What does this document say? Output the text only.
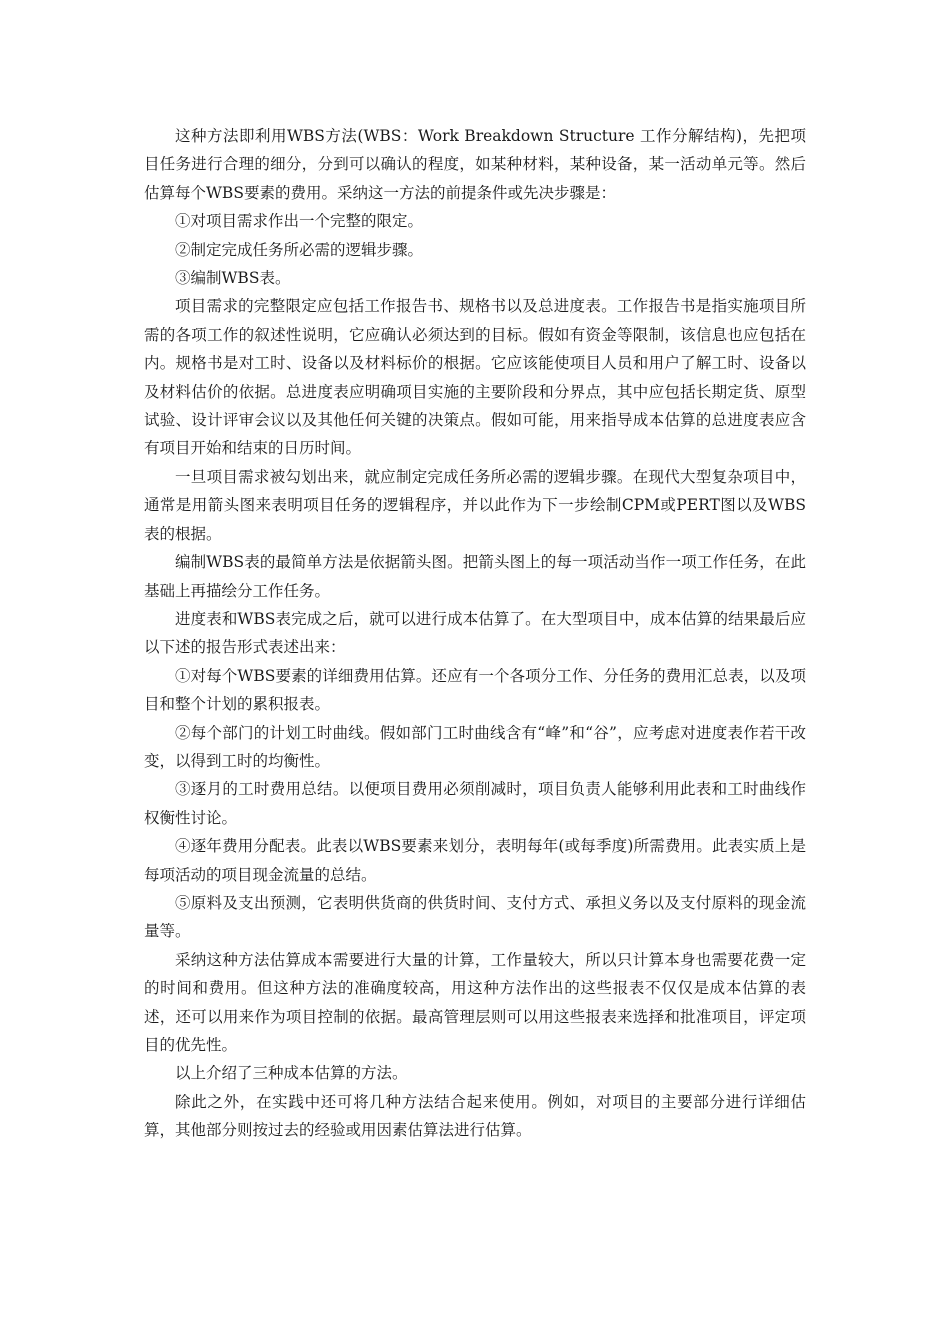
这种方法即利用WBS方法(WBS：Work Breakdown Structure 工作分解结构)，先把项目任务进行合理的细分，分到可以确认的程度，如某种材料，某种设备，某一活动单元等。然后估算每个WBS要素的费用。采纳这一方法的前提条件或先决步骤是：

①对项目需求作出一个完整的限定。

②制定完成任务所必需的逻辑步骤。

③编制WBS表。

项目需求的完整限定应包括工作报告书、规格书以及总进度表。工作报告书是指实施项目所需的各项工作的叙述性说明，它应确认必须达到的目标。假如有资金等限制，该信息也应包括在内。规格书是对工时、设备以及材料标价的根据。它应该能使项目人员和用户了解工时、设备以及材料估价的依据。总进度表应明确项目实施的主要阶段和分界点，其中应包括长期定货、原型试验、设计评审会议以及其他任何关键的决策点。假如可能，用来指导成本估算的总进度表应含有项目开始和结束的日历时间。

一旦项目需求被勾划出来，就应制定完成任务所必需的逻辑步骤。在现代大型复杂项目中，通常是用箭头图来表明项目任务的逻辑程序，并以此作为下一步绘制CPM或PERT图以及WBS表的根据。

编制WBS表的最简单方法是依据箭头图。把箭头图上的每一项活动当作一项工作任务，在此基础上再描绘分工作任务。

进度表和WBS表完成之后，就可以进行成本估算了。在大型项目中，成本估算的结果最后应以下述的报告形式表述出来：

①对每个WBS要素的详细费用估算。还应有一个各项分工作、分任务的费用汇总表，以及项目和整个计划的累积报表。

②每个部门的计划工时曲线。假如部门工时曲线含有“峰”和“谷”，应考虑对进度表作若干改变，以得到工时的均衡性。

③逐月的工时费用总结。以便项目费用必须削减时，项目负责人能够利用此表和工时曲线作权衡性讨论。

④逐年费用分配表。此表以WBS要素来划分，表明每年(或每季度)所需费用。此表实质上是每项活动的项目现金流量的总结。

⑤原料及支出预测，它表明供货商的供货时间、支付方式、承担义务以及支付原料的现金流量等。

采纳这种方法估算成本需要进行大量的计算，工作量较大，所以只计算本身也需要花费一定的时间和费用。但这种方法的准确度较高，用这种方法作出的这些报表不仅仅是成本估算的表述，还可以用来作为项目控制的依据。最高管理层则可以用这些报表来选择和批准项目，评定项目的优先性。

以上介绍了三种成本估算的方法。

除此之外，在实践中还可将几种方法结合起来使用。例如，对项目的主要部分进行详细估算，其他部分则按过去的经验或用因素估算法进行估算。
